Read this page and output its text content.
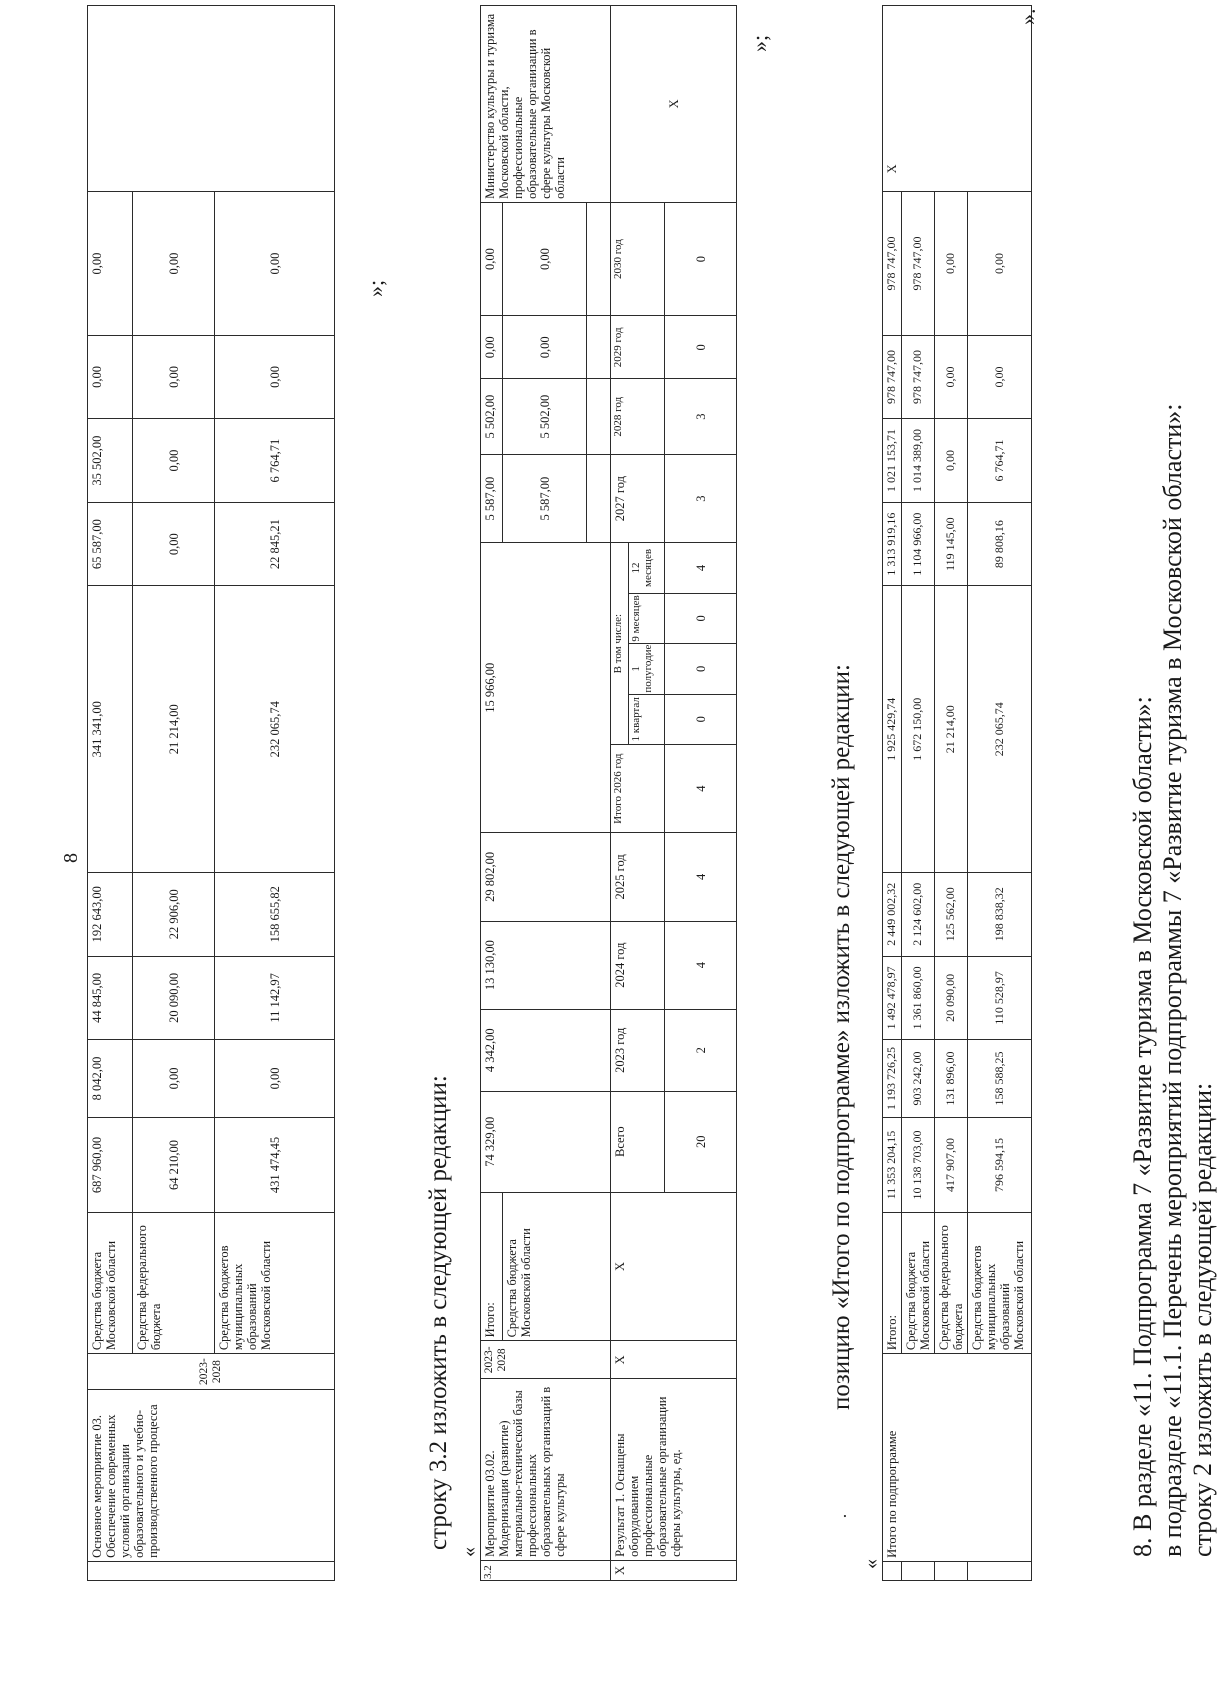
8
	Основное мероприятие 03. Обеспечение современных условий организации образовательного и учебно-производственного процесса	2023-2028	Средства бюджета Московской области	687 960,00	8 042,00	44 845,00	192 643,00	341 341,00	65 587,00	35 502,00	0,00	0,00	
			Средства федерального бюджета	64 210,00	0,00	20 090,00	22 906,00	21 214,00	0,00	0,00	0,00	0,00	
			Средства бюджетов муниципальных образований Московской области	431 474,45	0,00	11 142,97	158 655,82	232 065,74	22 845,21	6 764,71	0,00	0,00	
»;
строку 3.2 изложить в следующей редакции:
«
3.2	Мероприятие 03.02. Модернизация (развитие) материально-технической базы профессиональных образовательных организаций в сфере культуры	2023-2028	Итого:	74 329,00	4 342,00	13 130,00	29 802,00	15 966,00					5 587,00	5 502,00	0,00	0,00	Министерство культуры и туризма Московской области, профессиональные образовательные организации в сфере культуры Московской области
			Средства бюджета Московской области										5 587,00	5 502,00	0,00	0,00	

X	Результат 1. Оснащены оборудованием профессиональные образовательные организации сферы культуры, ед.	X	X	Всего	2023 год	2024 год	2025 год	Итого 2026 год	В том числе:				2027 год	2028 год	2029 год	2030 год	X
									1 квартал	1 полугодие	9 месяцев	12 месяцев					
				20	2	4	4	4	0	0	0	4	3	3	0	0	
»;
·
позицию «Итого по подпрограмме» изложить в следующей редакции:
«
	Итого по подпрограмме	Итого:	11 353 204,15	1 193 726,25	1 492 478,97	2 449 002,32	1 925 429,74	1 313 919,16	1 021 153,71	978 747,00	978 747,00	X
		Средства бюджета Московской области	10 138 703,00	903 242,00	1 361 860,00	2 124 602,00	1 672 150,00	1 104 966,00	1 014 389,00	978 747,00	978 747,00	
		Средства федерального бюджета	417 907,00	131 896,00	20 090,00	125 562,00	21 214,00	119 145,00	0,00	0,00	0,00	
		Средства бюджетов муниципальных образований Московской области	796 594,15	158 588,25	110 528,97	198 838,32	232 065,74	89 808,16	6 764,71	0,00	0,00	
».
8. В разделе «11. Подпрограмма 7 «Развитие туризма в Московской области»: в подразделе «11.1. Перечень мероприятий подпрограммы 7 «Развитие туризма в Московской области»: строку 2 изложить в следующей редакции:
